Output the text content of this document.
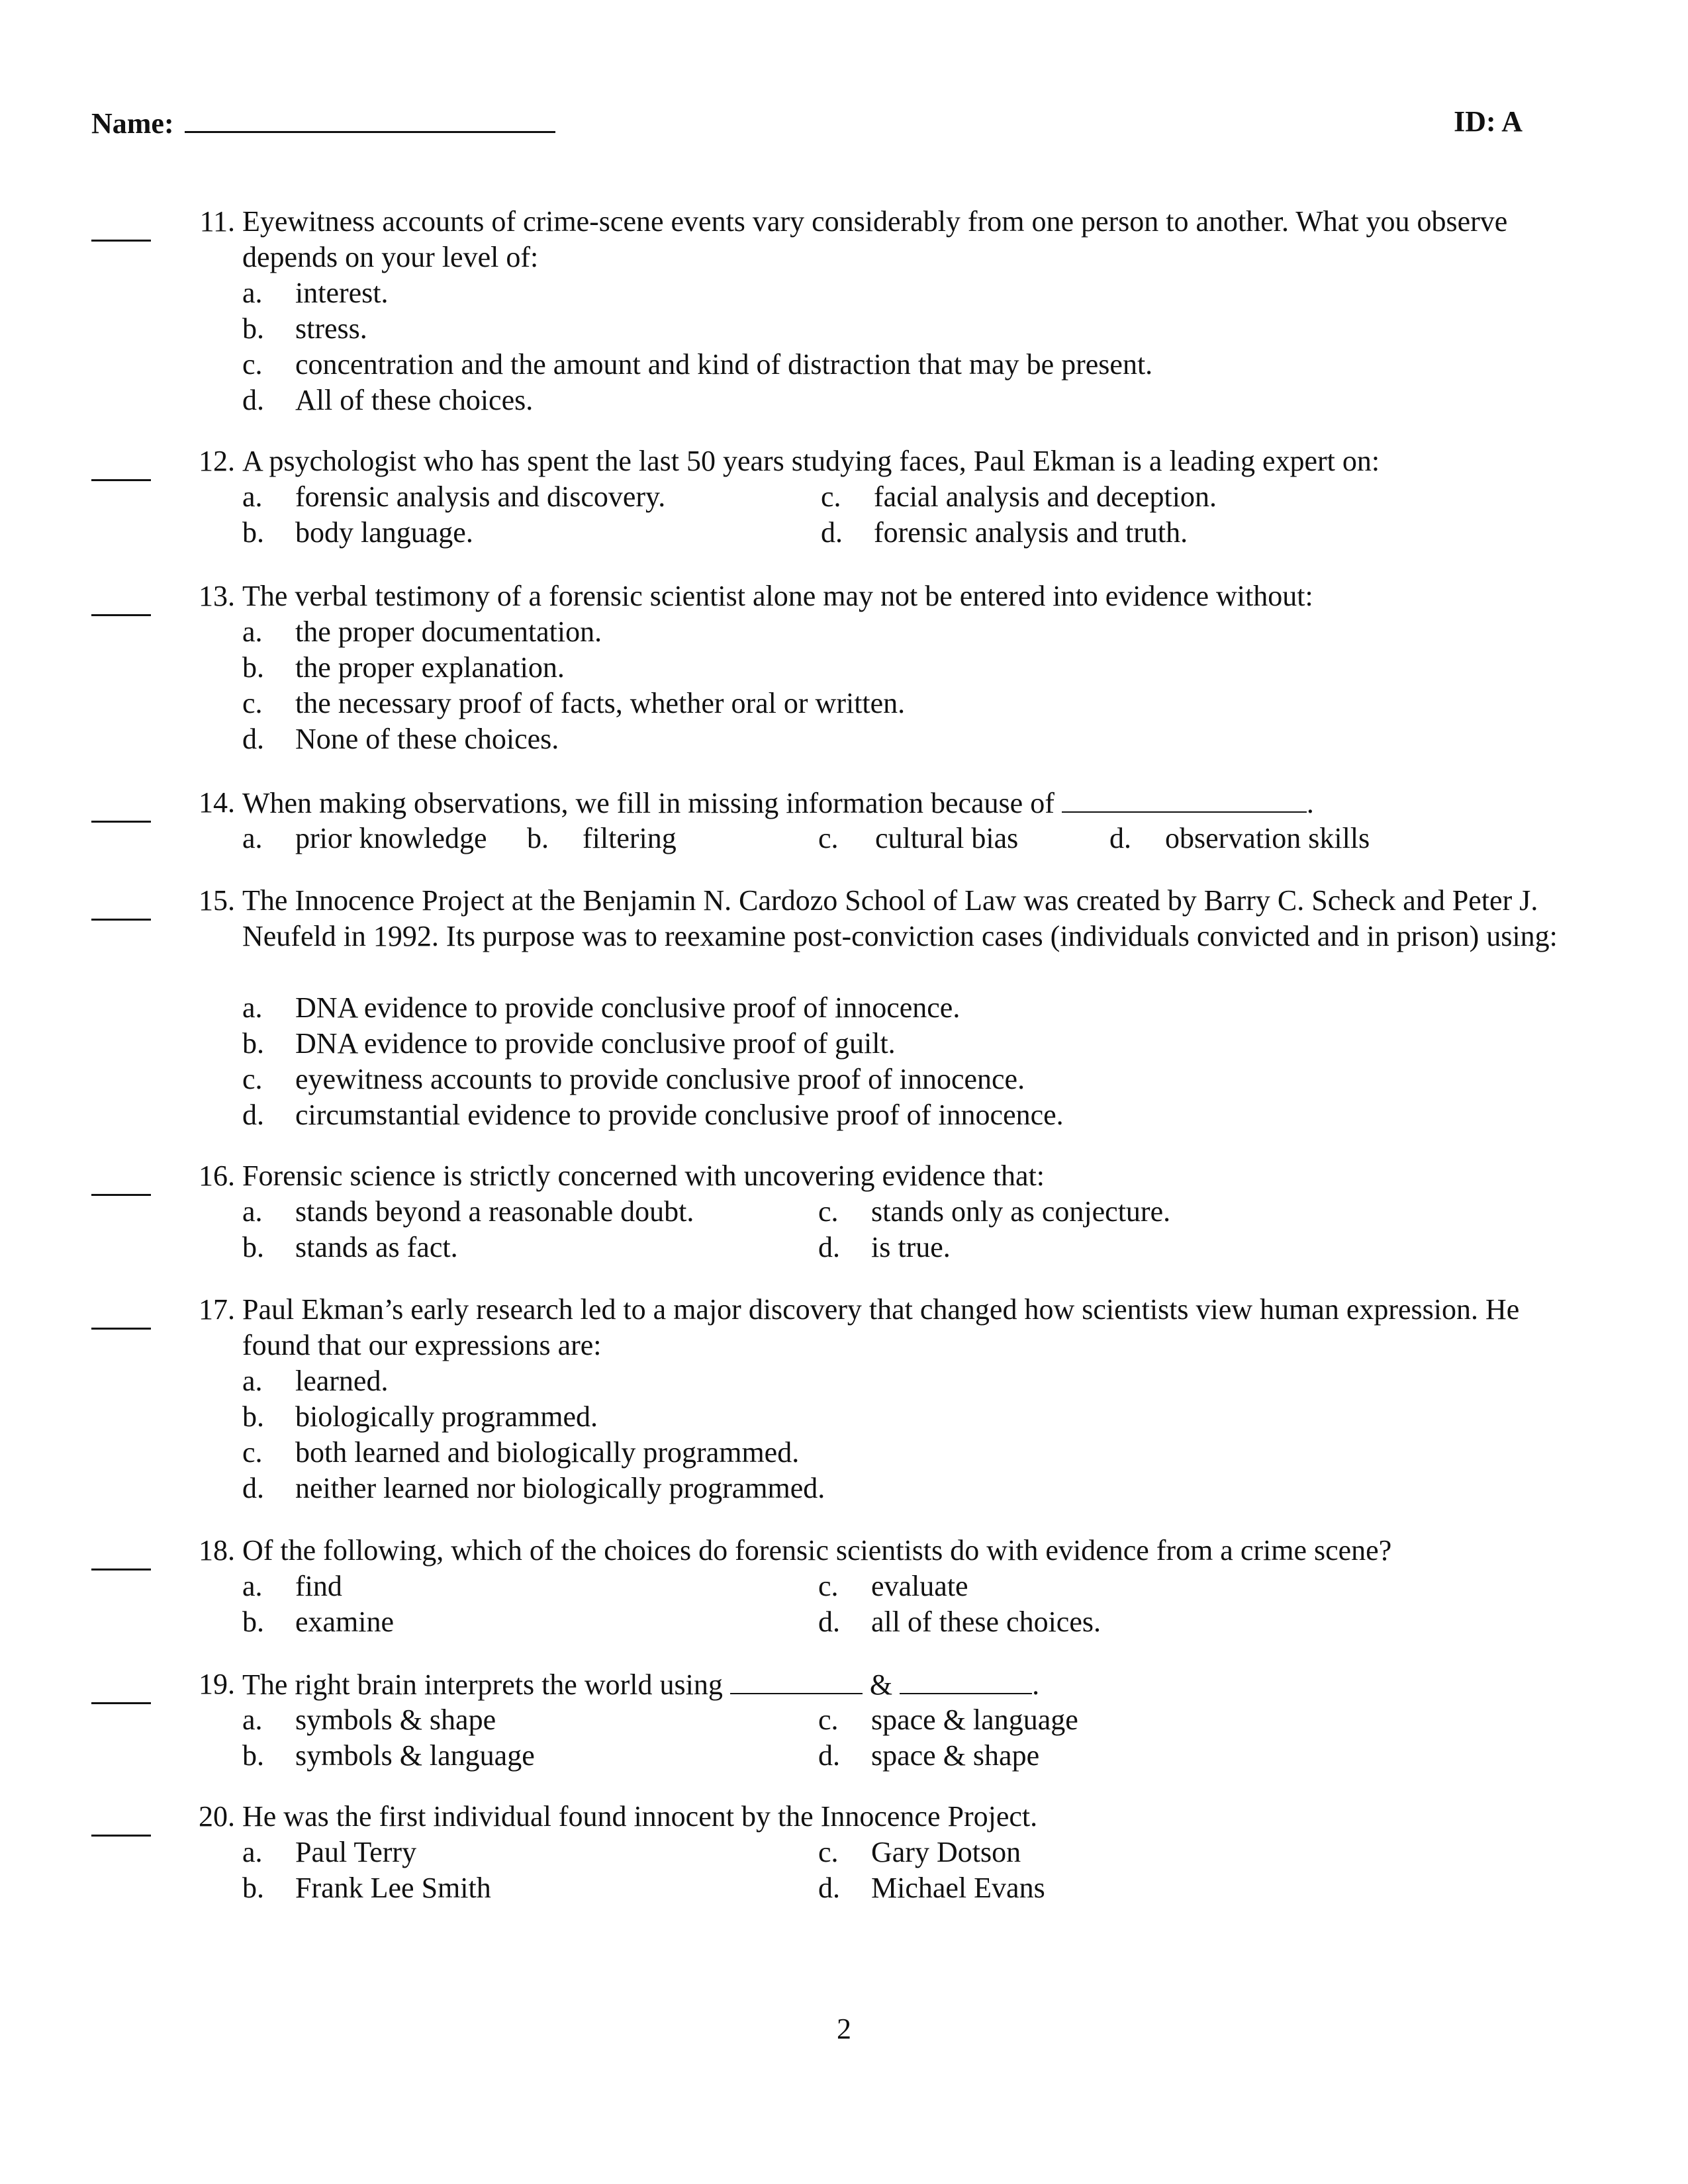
Name:	ID: A
11. Eyewitness accounts of crime-scene events vary considerably from one person to another. What you observe depends on your level of:
a. interest.
b. stress.
c. concentration and the amount and kind of distraction that may be present.
d. All of these choices.
12. A psychologist who has spent the last 50 years studying faces, Paul Ekman is a leading expert on:
a. forensic analysis and discovery.
b. body language.
c. facial analysis and deception.
d. forensic analysis and truth.
13. The verbal testimony of a forensic scientist alone may not be entered into evidence without:
a. the proper documentation.
b. the proper explanation.
c. the necessary proof of facts, whether oral or written.
d. None of these choices.
14. When making observations, we fill in missing information because of	.
a. prior knowledge b. filtering	c. cultural bias	d. observation skills
15. The Innocence Project at the Benjamin N. Cardozo School of Law was created by Barry C. Scheck and Peter J. Neufeld in 1992. Its purpose was to reexamine post-conviction cases (individuals convicted and in prison) using:
a. DNA evidence to provide conclusive proof of innocence.
b. DNA evidence to provide conclusive proof of guilt.
c. eyewitness accounts to provide conclusive proof of innocence.
d. circumstantial evidence to provide conclusive proof of innocence.
16. Forensic science is strictly concerned with uncovering evidence that:
a. stands beyond a reasonable doubt.
b. stands as fact.
c. stands only as conjecture.
d. is true.
17. Paul Ekman’s early research led to a major discovery that changed how scientists view human expression. He found that our expressions are:
a. learned.
b. biologically programmed.
c. both learned and biologically programmed.
d. neither learned nor biologically programmed.
18. Of the following, which of the choices do forensic scientists do with evidence from a crime scene?
a. find
b. examine
c. evaluate
d. all of these choices.
19. The right brain interprets the world using	&	.
a. symbols & shape
b. symbols & language
c. space & language
d. space & shape
20. He was the first individual found innocent by the Innocence Project.
a. Paul Terry
b. Frank Lee Smith
c. Gary Dotson
d. Michael Evans
2
